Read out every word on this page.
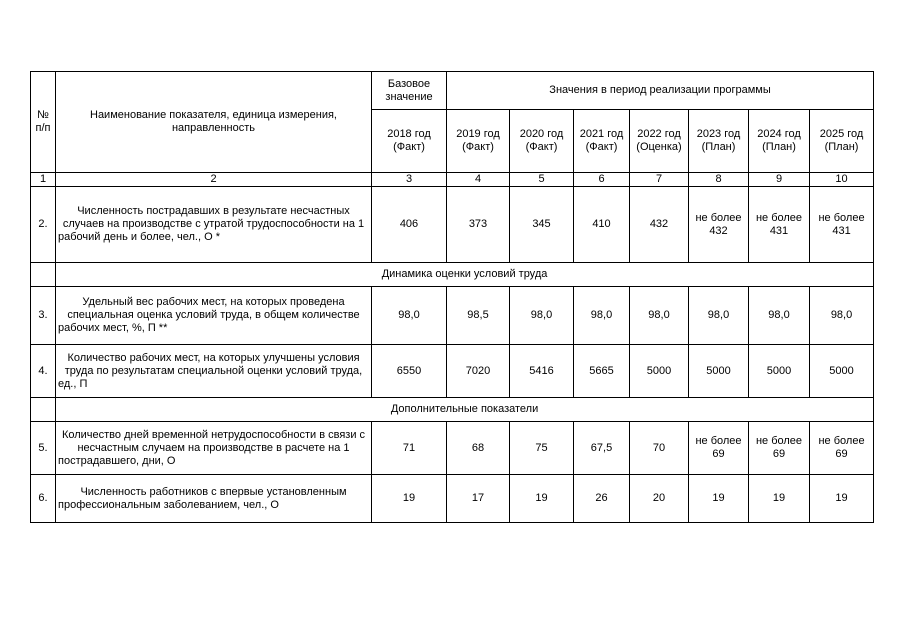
№ п/п	Наименование показателя, единица измерения, направленность	Базовое значение	Значения в период реализации программы						
		2018 год (Факт)	2019 год (Факт)	2020 год (Факт)	2021 год (Факт)	2022 год (Оценка)	2023 год (План)	2024 год (План)	2025 год (План)
1	2	3	4	5	6	7	8	9	10
2.	Численность пострадавших в результате несчастных случаев на производстве с утратой трудоспособности на 1 рабочий день и более, чел., О *	406	373	345	410	432	не более 432	не более 431	не более 431
	Динамика оценки условий труда								
3.	Удельный вес рабочих мест, на которых проведена специальная оценка условий труда, в общем количестве рабочих мест, %, П **	98,0	98,5	98,0	98,0	98,0	98,0	98,0	98,0
4.	Количество рабочих мест, на которых улучшены условия труда по результатам специальной оценки условий труда, ед., П	6550	7020	5416	5665	5000	5000	5000	5000
	Дополнительные показатели								
5.	Количество дней временной нетрудоспособности в связи с несчастным случаем на производстве в расчете на 1 пострадавшего, дни, О	71	68	75	67,5	70	не более 69	не более 69	не более 69
6.	Численность работников с впервые установленным профессиональным заболеванием, чел., О	19	17	19	26	20	19	19	19
